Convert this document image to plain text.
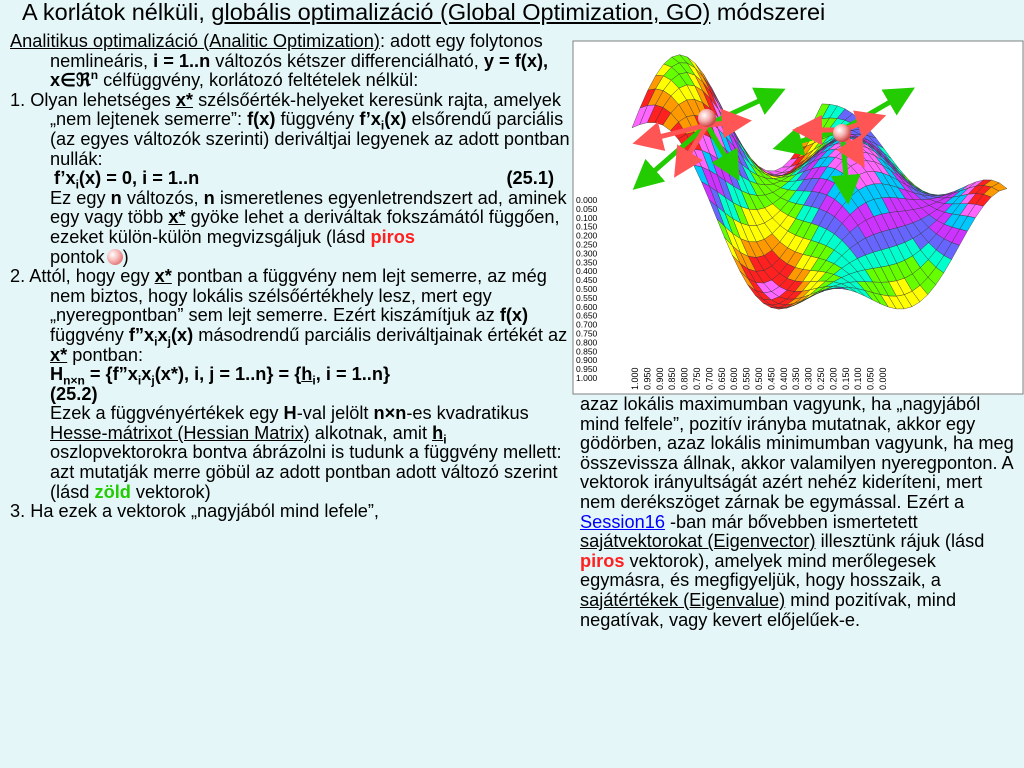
A korlátok nélküli, globális optimalizáció (Global Optimization, GO) módszerei

Analitikus optimalizáció (Analitic Optimization): adott egy folytonos nemlineáris, i = 1..n változós kétszer differenciálható, y = f(x), x∈ℜ$^n$ célfüggvény, korlátozó feltételek nélkül:

1. Olyan lehetséges x* szélsőérték-helyeket keresünk rajta, amelyek „nem lejtenek semerre”: f(x) függvény $f’x_i(x)$ elsőrendű parciális (az egyes változók szerinti) deriváltjai legyenek az adott pontban nullák:

$f’x_i(x) = 0$, i = 1..n	(25.1)

Ez egy n változós, n ismeretlenes egyenletrendszert ad, aminek egy vagy több x* gyöke lehet a deriváltak fokszámától függően, ezeket külön-külön megvizsgáljuk (lásd piros
pontok )

2. Attól, hogy egy x* pontban a függvény nem lejt semerre, az még nem biztos, hogy lokális szélsőértékhely lesz, mert egy „nyeregpontban” sem lejt semerre. Ezért kiszámítjuk az f(x) függvény $f”x_ix_j(x)$ másodrendű parciális deriváltjainak értékét az x* pontban:

$H_{n\times n}$ = {$f”x_ix_j(x*)$, i, $j = 1..n\} = \{h_i$, i = 1..n}
(25.2)

Ezek a függvényértékek egy H-val jelölt n×n-es kvadratikus Hesse-mátrixot (Hessian Matrix) alkotnak, amit $h_i$ oszlopvektorokra bontva ábrázolni is tudunk a függvény mellett: azt mutatják merre göbül az adott pontban adott változó szerint (lásd zöld vektorok)

3. Ha ezek a vektorok „nagyjából mind lefele”,

1.000 0.950 0.900 0.850 0.800 0.750 0.700 0.650 0.600 0.550 0.500 0.450 0.400 0.350 0.300 0.250 0.200 0.150 0.100 0.050 0.000
0.000
0.050
0.100
0.150
0.200
0.250
0.300
0.350
0.400
0.450
0.500
0.550
0.600
0.650
0.700
0.750
0.800
0.850
0.900
0.950
1.000
azaz lokális maximumban vagyunk, ha „nagyjából mind felfele”, pozitív irányba mutatnak, akkor egy gödörben, azaz lokális minimumban vagyunk, ha meg összevissza állnak, akkor valamilyen nyeregponton. A vektorok irányultságát azért nehéz kideríteni, mert nem derékszöget zárnak be egymással. Ezért a Session16 -ban már bővebben ismertetett sajátvektorokat (Eigenvector) illesztünk rájuk (lásd piros vektorok), amelyek mind merőlegesek egymásra, és megfigyeljük, hogy hosszaik, a sajátértékek (Eigenvalue) mind pozitívak, mind negatívak, vagy kevert előjelűek-e.
